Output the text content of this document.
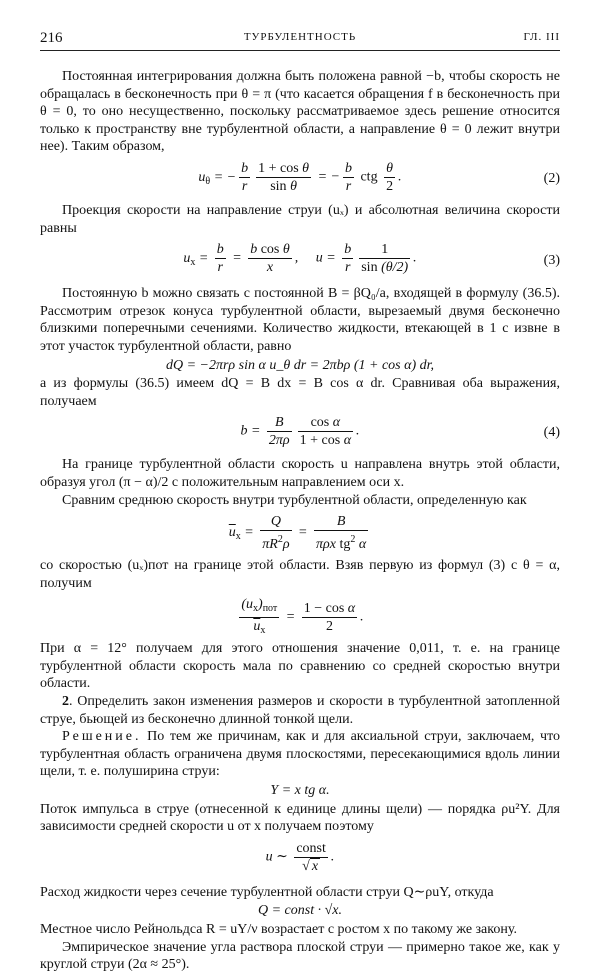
216	ТУРБУЛЕНТНОСТЬ	ГЛ. III

Постоянная интегрирования должна быть положена равной −b, чтобы скорость не обращалась в бесконечность при θ = π (что касается обращения f в бесконечность при θ = 0, то оно несущественно, поскольку рассматриваемое здесь решение относится только к пространству вне турбулентной области, а направление θ = 0 лежит внутри нее). Таким образом,

$u_\theta$ = − $\frac{b}{r} \frac{\text{1 + cos θ}}{\text{sin θ}}$ = − $\frac{b}{r}$ ctg $\frac{\theta}{2}$ .	(2)

Проекция скорости на направление струи (uₓ) и абсолютная величина скорости равны

$u_x = \frac{b}{r} = \frac{\text{b cos θ}}{x}$ ,     $u = \frac{b}{r} \frac{1}{\sin (\theta/2)}$ .	(3)

Постоянную b можно связать с постоянной B = βQ₀/a, входящей в формулу (36.5). Рассмотрим отрезок конуса турбулентной области, вырезаемый двумя бесконечно близкими поперечными сечениями. Количество жидкости, втекающей в 1 с извне в этот участок турбулентной области, равно

dQ = −2πrρ sin α u_θ dr = 2πbρ (1 + cos α) dr,

а из формулы (36.5) имеем dQ = B dx = B cos α dr. Сравнивая оба выражения, получаем

$b = \frac{B}{2\pi\rho} \frac{\text{cos α}}{\text{1 + cos α}}$ .	(4)

На границе турбулентной области скорость u направлена внутрь этой области, образуя угол (π − α)/2 с положительным направлением оси x.

Сравним среднюю скорость внутри турбулентной области, определенную как

$\overline{u}_x = \frac{Q}{\pi R^2\rho} = \frac{B}{\pi\rho x tg^2 \alpha}$

со скоростью (uₓ)пот на границе этой области. Взяв первую из формул (3) с θ = α, получим

$\frac{(u_x)_{пот}}{\overline{u}_x} = \frac{\text{1 − cos α}}{2}$ .

При α = 12° получаем для этого отношения значение 0,011, т. е. на границе турбулентной области скорость мала по сравнению со средней скоростью внутри области.

2. Определить закон изменения размеров и скорости в турбулентной затопленной струе, бьющей из бесконечно длинной тонкой щели.

Решение. По тем же причинам, как и для аксиальной струи, заключаем, что турбулентная область ограничена двумя плоскостями, пересекающимися вдоль линии щели, т. е. полуширина струи:

Y = x tg α.

Поток импульса в струе (отнесенной к единице длины щели) — порядка ρu²Y. Для зависимости средней скорости u от x получаем поэтому

u ∼ $\frac{\text{const}}{√ x}$ .

Расход жидкости через сечение турбулентной области струи Q∼ρuY, откуда

Q = const · √x.

Местное число Рейнольдса R = uY/ν возрастает с ростом x по такому же закону.

Эмпирическое значение угла раствора плоской струи — примерно такое же, как у круглой струи (2α ≈ 25°).
